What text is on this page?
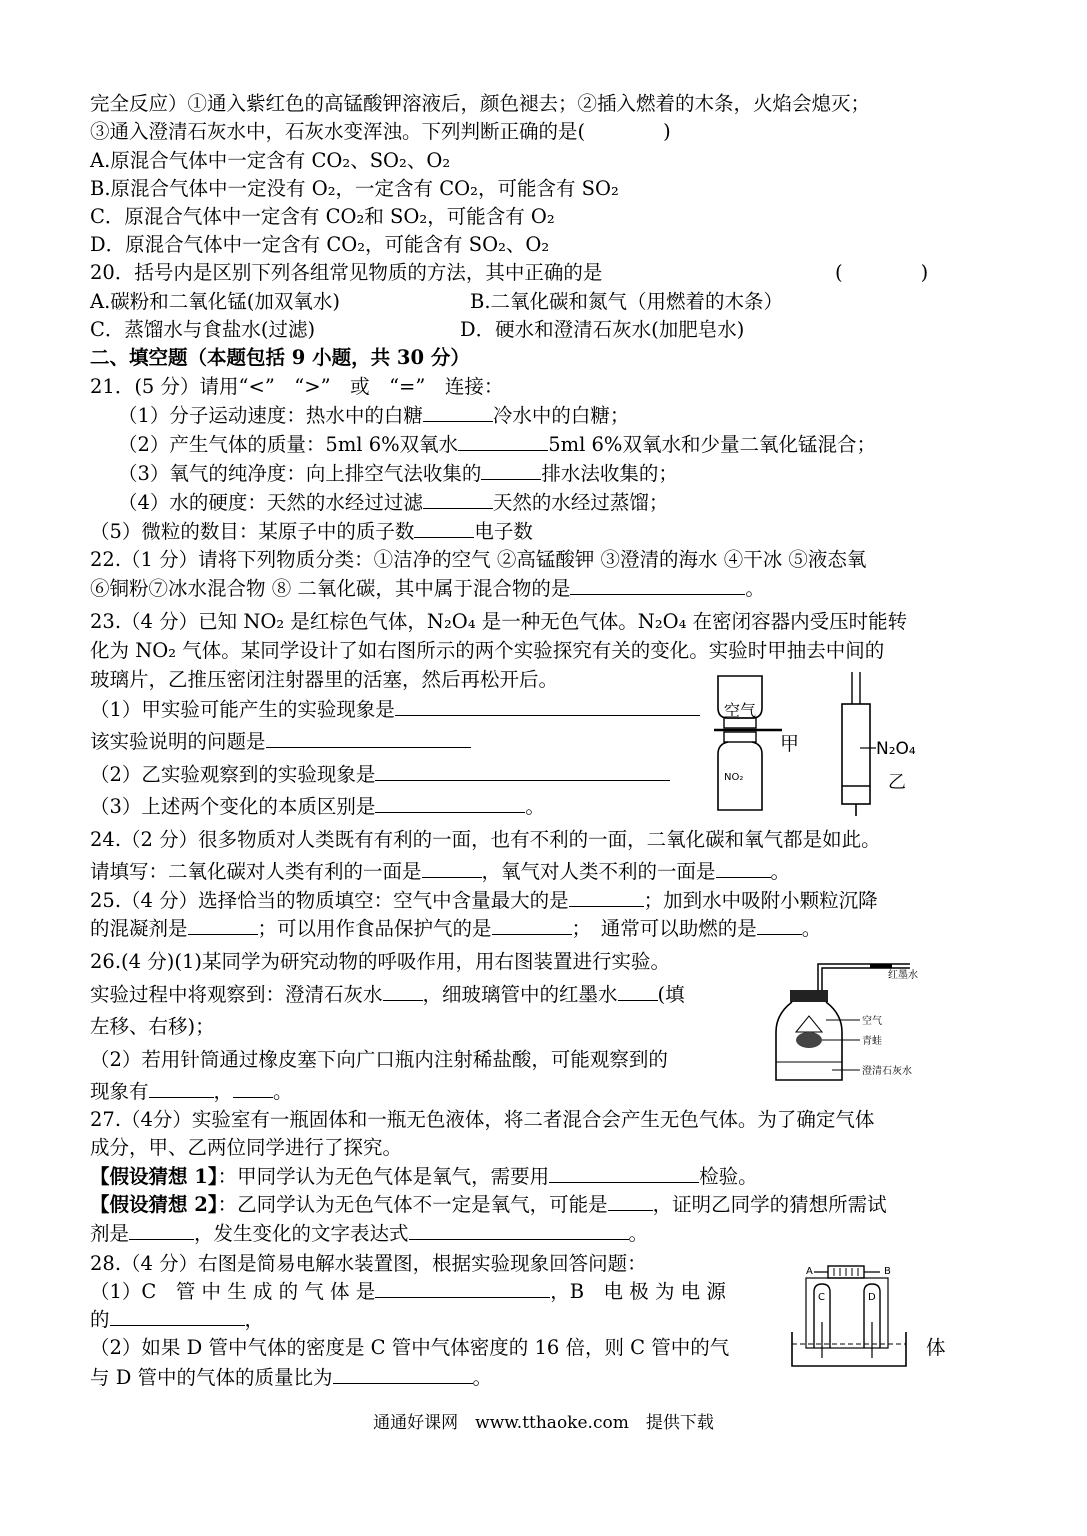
完全反应）①通入紫红色的高锰酸钾溶液后，颜色褪去；②插入燃着的木条，火焰会熄灭；
③通入澄清石灰水中，石灰水变浑浊。下列判断正确的是(　　　　)
A.原混合气体中一定含有 CO₂、SO₂、O₂
B.原混合气体中一定没有 O₂，一定含有 CO₂，可能含有 SO₂
C．原混合气体中一定含有 CO₂和 SO₂，可能含有 O₂
D．原混合气体中一定含有 CO₂，可能含有 SO₂、O₂
20．括号内是区别下列各组常见物质的方法，其中正确的是	(　　　　)
A.碳粉和二氧化锰(加双氧水)	B.二氧化碳和氮气（用燃着的木条）
C．蒸馏水与食盐水(过滤)	D．硬水和澄清石灰水(加肥皂水)
二、填空题（本题包括 9 小题，共 30 分）
21．(5 分）请用“<”　“>”　或　“=”　连接：
（1）分子运动速度：热水中的白糖	冷水中的白糖；
（2）产生气体的质量：5ml 6%双氧水	5ml 6%双氧水和少量二氧化锰混合；
（3）氧气的纯净度：向上排空气法收集的	排水法收集的；
（4）水的硬度：天然的水经过过滤	天然的水经过蒸馏；
（5）微粒的数目：某原子中的质子数	电子数
22.（1 分）请将下列物质分类：①洁净的空气 ②高锰酸钾 ③澄清的海水 ④干冰 ⑤液态氧
⑥铜粉⑦冰水混合物 ⑧ 二氧化碳，其中属于混合物的是	。
23.（4 分）已知 NO₂ 是红棕色气体，N₂O₄ 是一种无色气体。N₂O₄ 在密闭容器内受压时能转
化为 NO₂ 气体。某同学设计了如右图所示的两个实验探究有关的变化。实验时甲抽去中间的
玻璃片，乙推压密闭注射器里的活塞，然后再松开后。
（1）甲实验可能产生的实验现象是
该实验说明的问题是
（2）乙实验观察到的实验现象是
（3）上述两个变化的本质区别是	。
空气
NO₂
甲	N₂O₄
乙
24.（2 分）很多物质对人类既有有利的一面，也有不利的一面，二氧化碳和氧气都是如此。
请填写：二氧化碳对人类有利的一面是	，氧气对人类不利的一面是	。
25.（4 分）选择恰当的物质填空：空气中含量最大的是	；加到水中吸附小颗粒沉降
的混凝剂是	；可以用作食品保护气的是	；　通常可以助燃的是 。
26.(4 分)(1)某同学为研究动物的呼吸作用，用右图装置进行实验。
实验过程中将观察到：澄清石灰水 ，细玻璃管中的红墨水 (填
左移、右移)；
（2）若用针筒通过橡皮塞下向广口瓶内注射稀盐酸，可能观察到的
现象有	， 。
红墨水
空气
青蛙
澄清石灰水
27.（4分）实验室有一瓶固体和一瓶无色液体，将二者混合会产生无色气体。为了确定气体
成分，甲、乙两位同学进行了探究。
【假设猜想 1】：甲同学认为无色气体是氧气，需要用	检验。
【假设猜想 2】：乙同学认为无色气体不一定是氧气，可能是 ，证明乙同学的猜想所需试
剂是	，发生变化的文字表达式	。
28.（4 分）右图是简易电解水装置图，根据实验现象回答问题：
（1）C　管 中 生 成 的 气 体 是	，B　电 极 为 电 源
的	，
（2）如果 D 管中气体的密度是 C 管中气体密度的 16 倍，则 C 管中的气	体
与 D 管中的气体的质量比为	。
A	B
C	D
通通好课网　www.tthaoke.com　提供下载
